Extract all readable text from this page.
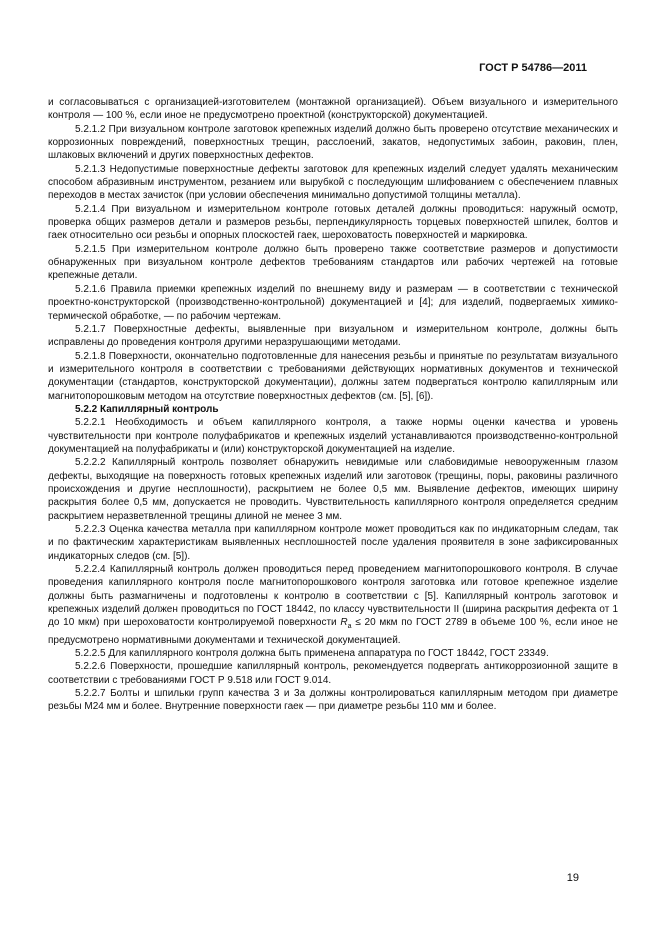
ГОСТ Р 54786—2011

и согласовываться с организацией-изготовителем (монтажной организацией). Объем визуального и измерительного контроля — 100 %, если иное не предусмотрено проектной (конструкторской) документацией.

5.2.1.2 При визуальном контроле заготовок крепежных изделий должно быть проверено отсутствие механических и коррозионных повреждений, поверхностных трещин, расслоений, закатов, недопустимых забоин, раковин, плен, шлаковых включений и других поверхностных дефектов.

5.2.1.3 Недопустимые поверхностные дефекты заготовок для крепежных изделий следует удалять механическим способом абразивным инструментом, резанием или вырубкой с последующим шлифованием с обеспечением плавных переходов в местах зачисток (при условии обеспечения минимально допустимой толщины металла).

5.2.1.4 При визуальном и измерительном контроле готовых деталей должны проводиться: наружный осмотр, проверка общих размеров детали и размеров резьбы, перпендикулярность торцевых поверхностей шпилек, болтов и гаек относительно оси резьбы и опорных плоскостей гаек, шероховатость поверхностей и маркировка.

5.2.1.5 При измерительном контроле должно быть проверено также соответствие размеров и допустимости обнаруженных при визуальном контроле дефектов требованиям стандартов или рабочих чертежей на готовые крепежные детали.

5.2.1.6 Правила приемки крепежных изделий по внешнему виду и размерам — в соответствии с технической проектно-конструкторской (производственно-контрольной) документацией и [4]; для изделий, подвергаемых химико-термической обработке, — по рабочим чертежам.

5.2.1.7 Поверхностные дефекты, выявленные при визуальном и измерительном контроле, должны быть исправлены до проведения контроля другими неразрушающими методами.

5.2.1.8 Поверхности, окончательно подготовленные для нанесения резьбы и принятые по результатам визуального и измерительного контроля в соответствии с требованиями действующих нормативных документов и технической документации (стандартов, конструкторской документации), должны затем подвергаться контролю капиллярным или магнитопорошковым методом на отсутствие поверхностных дефектов (см. [5], [6]).

5.2.2 Капиллярный контроль

5.2.2.1 Необходимость и объем капиллярного контроля, а также нормы оценки качества и уровень чувствительности при контроле полуфабрикатов и крепежных изделий устанавливаются производственно-контрольной документацией на полуфабрикаты и (или) конструкторской документацией на изделие.

5.2.2.2 Капиллярный контроль позволяет обнаружить невидимые или слабовидимые невооруженным глазом дефекты, выходящие на поверхность готовых крепежных изделий или заготовок (трещины, поры, раковины различного происхождения и другие несплошности), раскрытием не более 0,5 мм. Выявление дефектов, имеющих ширину раскрытия более 0,5 мм, допускается не проводить. Чувствительность капиллярного контроля определяется средним раскрытием неразветвленной трещины длиной не менее 3 мм.

5.2.2.3 Оценка качества металла при капиллярном контроле может проводиться как по индикаторным следам, так и по фактическим характеристикам выявленных несплошностей после удаления проявителя в зоне зафиксированных индикаторных следов (см. [5]).

5.2.2.4 Капиллярный контроль должен проводиться перед проведением магнитопорошкового контроля. В случае проведения капиллярного контроля после магнитопорошкового контроля заготовка или готовое крепежное изделие должны быть размагничены и подготовлены к контролю в соответствии с [5]. Капиллярный контроль заготовок и крепежных изделий должен проводиться по ГОСТ 18442, по классу чувствительности II (ширина раскрытия дефекта от 1 до 10 мкм) при шероховатости контролируемой поверхности $R_a \le 20$ мкм по ГОСТ 2789 в объеме 100 %, если иное не предусмотрено нормативными документами и технической документацией.

5.2.2.5 Для капиллярного контроля должна быть применена аппаратура по ГОСТ 18442, ГОСТ 23349.

5.2.2.6 Поверхности, прошедшие капиллярный контроль, рекомендуется подвергать антикоррозионной защите в соответствии с требованиями ГОСТ Р 9.518 или ГОСТ 9.014.

5.2.2.7 Болты и шпильки групп качества 3 и 3а должны контролироваться капиллярным методом при диаметре резьбы М24 мм и более. Внутренние поверхности гаек — при диаметре резьбы 110 мм и более.

19
